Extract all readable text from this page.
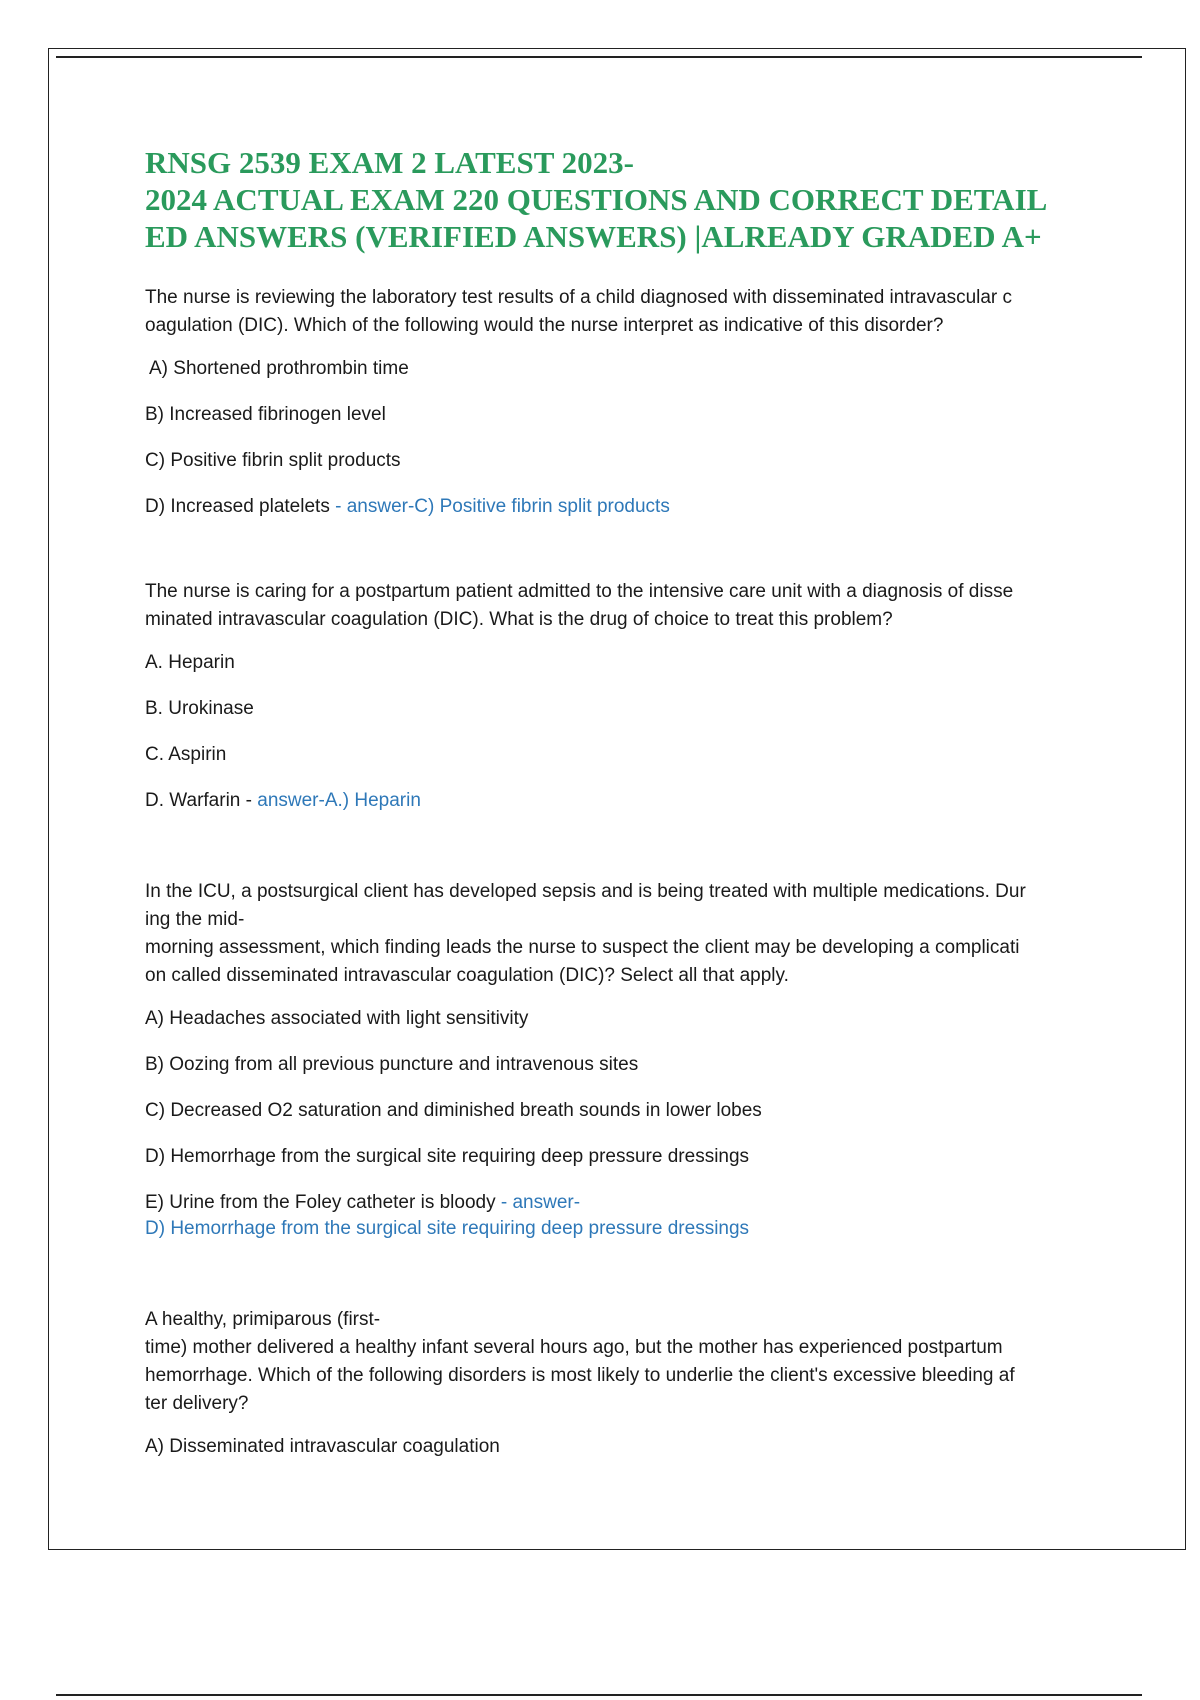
RNSG 2539 EXAM 2 LATEST 2023-
2024 ACTUAL EXAM 220 QUESTIONS AND CORRECT DETAIL
ED ANSWERS (VERIFIED ANSWERS) |ALREADY GRADED A+

The nurse is reviewing the laboratory test results of a child diagnosed with disseminated intravascular c
oagulation (DIC). Which of the following would the nurse interpret as indicative of this disorder?

A) Shortened prothrombin time

B) Increased fibrinogen level

C) Positive fibrin split products

D) Increased platelets - answer-C) Positive fibrin split products

The nurse is caring for a postpartum patient admitted to the intensive care unit with a diagnosis of disse
minated intravascular coagulation (DIC). What is the drug of choice to treat this problem?

A. Heparin

B. Urokinase

C. Aspirin

D. Warfarin - answer-A.) Heparin

In the ICU, a postsurgical client has developed sepsis and is being treated with multiple medications. Dur
ing the mid-
morning assessment, which finding leads the nurse to suspect the client may be developing a complicati
on called disseminated intravascular coagulation (DIC)? Select all that apply.

A) Headaches associated with light sensitivity

B) Oozing from all previous puncture and intravenous sites

C) Decreased O2 saturation and diminished breath sounds in lower lobes

D) Hemorrhage from the surgical site requiring deep pressure dressings

E) Urine from the Foley catheter is bloody - answer-
D) Hemorrhage from the surgical site requiring deep pressure dressings

A healthy, primiparous (first-
time) mother delivered a healthy infant several hours ago, but the mother has experienced postpartum
hemorrhage. Which of the following disorders is most likely to underlie the client's excessive bleeding af
ter delivery?

A) Disseminated intravascular coagulation
